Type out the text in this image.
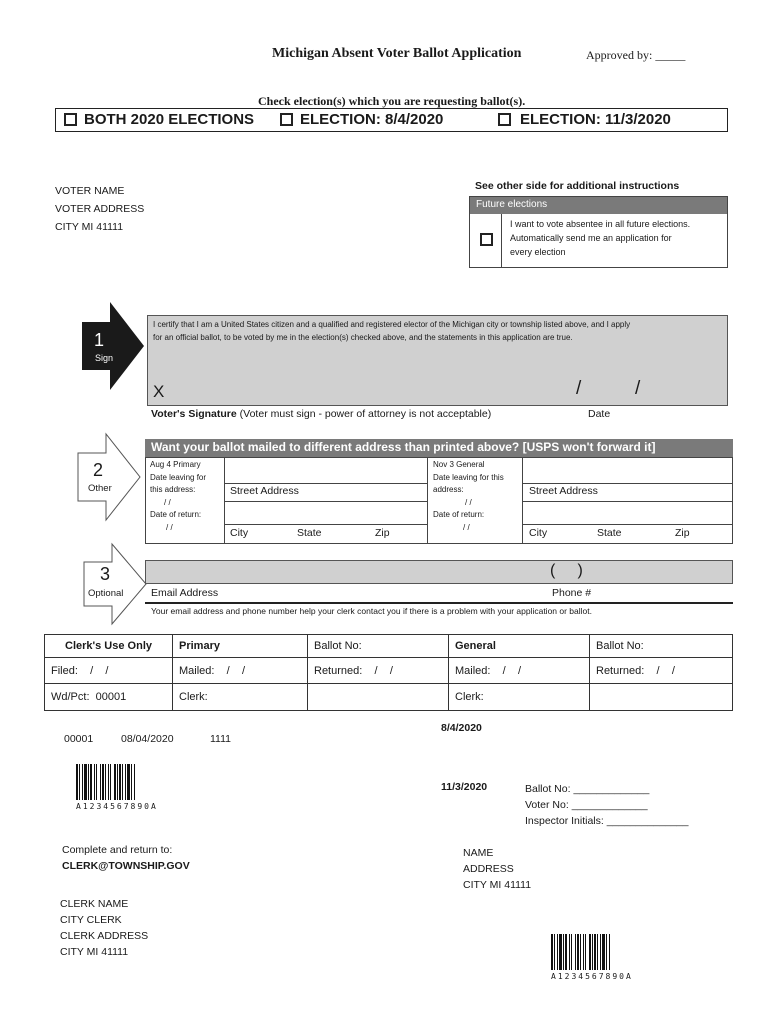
Michigan Absent Voter Ballot Application	Approved by: _____
Check election(s) which you are requesting ballot(s).
BOTH 2020 ELECTIONS	ELECTION: 8/4/2020	ELECTION: 11/3/2020
VOTER NAME
VOTER ADDRESS
CITY MI 41111
See other side for additional instructions
Future elections
I want to vote absentee in all future elections.
Automatically send me an application for
every election
1
Sign
I certify that I am a United States citizen and a qualified and registered elector of the Michigan city or township listed above, and I apply
for an official ballot, to be voted by me in the election(s) checked above, and the statements in this application are true.
X	/	/
Voter's Signature (Voter must sign - power of attorney is not acceptable)	Date
2
Other
Want your ballot mailed to different address than printed above? [USPS won't forward it]
Aug 4 Primary
Date leaving for
this address:
/ /
Date of return:
/ /
Street Address
City	State	Zip
Nov 3 General
Date leaving for this
address:
/ /
Date of return:
/ /
Street Address
City	State	Zip
3
Optional
(     )
Email Address	Phone #
Your email address and phone number help your clerk contact you if there is a problem with your application or ballot.
Clerk's Use Only	Primary	Ballot No:	General	Ballot No:
Filed:    /    /	Mailed:    /    /	Returned:    /    /	Mailed:    /    /	Returned:    /    /
Wd/Pct:  00001	Clerk:		Clerk:	
00001	08/04/2020	1111
A1234567890A
Complete and return to:
CLERK@TOWNSHIP.GOV
CLERK NAME
CITY CLERK
CLERK ADDRESS
CITY MI 41111
8/4/2020
11/3/2020	Ballot No: _____________
Voter No: _____________
Inspector Initials: ______________
NAME
ADDRESS
CITY MI 41111
A1234567890A
